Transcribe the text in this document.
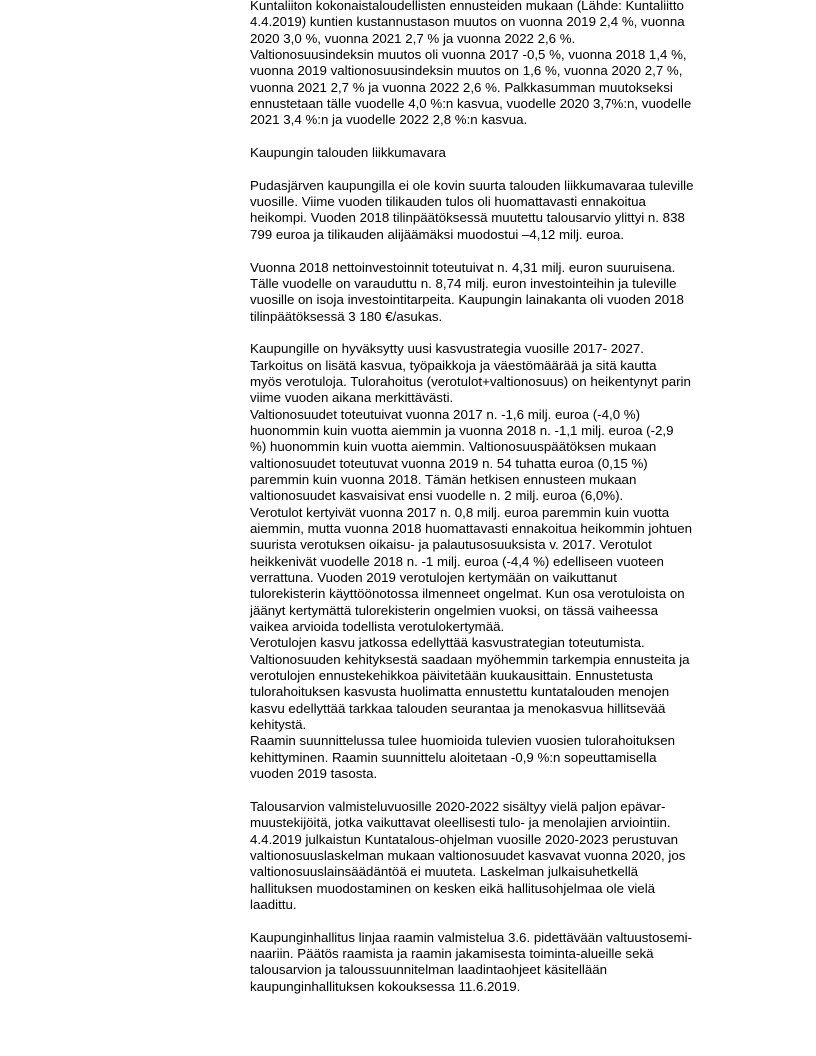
Kuntaliiton kokonaistaloudellisten ennusteiden mukaan (Lähde: Kuntaliitto
4.4.2019) kuntien kustannustason muutos on vuonna 2019 2,4 %, vuonna
2020 3,0 %, vuonna 2021 2,7 % ja vuonna 2022 2,6 %.
Valtionosuusindeksin muutos oli vuonna 2017 -0,5 %, vuonna 2018 1,4 %,
vuonna 2019 valtionosuusindeksin muutos on 1,6 %, vuonna 2020 2,7 %,
vuonna 2021 2,7 % ja vuonna 2022 2,6 %. Palkkasumman muutokseksi
ennustetaan tälle vuodelle 4,0 %:n kasvua, vuodelle 2020 3,7%:n, vuodelle
2021 3,4 %:n ja vuodelle 2022 2,8 %:n kasvua.
Kaupungin talouden liikkumavara
Pudasjärven kaupungilla ei ole kovin suurta talouden liikkumavaraa tuleville
vuosille. Viime vuoden tilikauden tulos oli huomattavasti ennakoitua
heikompi. Vuoden 2018 tilinpäätöksessä muutettu talousarvio ylittyi n. 838
799 euroa ja tilikauden alijäämäksi muodostui –4,12 milj. euroa.
Vuonna 2018 nettoinvestoinnit toteutuivat n. 4,31 milj. euron suuruisena.
Tälle vuodelle on varauduttu n. 8,74 milj. euron investointeihin ja tuleville
vuosille on isoja investointitarpeita. Kaupungin lainakanta oli vuoden 2018
tilinpäätöksessä 3 180 €/asukas.
Kaupungille on hyväksytty uusi kasvustrategia vuosille 2017- 2027.
Tarkoitus on lisätä kasvua, työpaikkoja ja väestömäärää ja sitä kautta
myös verotuloja. Tulorahoitus (verotulot+valtionosuus) on heikentynyt parin
viime vuoden aikana merkittävästi.
Valtionosuudet toteutuivat vuonna 2017 n. -1,6 milj. euroa (-4,0 %)
huonommin kuin vuotta aiemmin ja vuonna 2018 n. -1,1 milj. euroa (-2,9
%) huonommin kuin vuotta aiemmin. Valtionosuuspäätöksen mukaan
valtionosuudet toteutuvat vuonna 2019 n. 54 tuhatta euroa (0,15 %)
paremmin kuin vuonna 2018. Tämän hetkisen ennusteen mukaan
valtionosuudet kasvaisivat ensi vuodelle n. 2 milj. euroa (6,0%).
Verotulot kertyivät vuonna 2017 n. 0,8 milj. euroa paremmin kuin vuotta
aiemmin, mutta vuonna 2018 huomattavasti ennakoitua heikommin johtuen
suurista verotuksen oikaisu- ja palautusosuuksista v. 2017. Verotulot
heikkenivät vuodelle 2018 n. -1 milj. euroa (-4,4 %) edelliseen vuoteen
verrattuna. Vuoden 2019 verotulojen kertymään on vaikuttanut
tulorekisterin käyttöönotossa ilmenneet ongelmat. Kun osa verotuloista on
jäänyt kertymättä tulorekisterin ongelmien vuoksi, on tässä vaiheessa
vaikea arvioida todellista verotulokertymää.
Verotulojen kasvu jatkossa edellyttää kasvustrategian toteutumista.
Valtionosuuden kehityksestä saadaan myöhemmin tarkempia ennusteita ja
verotulojen ennustekehikkoa päivitetään kuukausittain. Ennustetusta
tulorahoituksen kasvusta huolimatta ennustettu kuntatalouden menojen
kasvu edellyttää tarkkaa talouden seurantaa ja menokasvua hillitsevää
kehitystä.
Raamin suunnittelussa tulee huomioida tulevien vuosien tulorahoituksen
kehittyminen. Raamin suunnittelu aloitetaan -0,9 %:n sopeuttamisella
vuoden 2019 tasosta.
Talousarvion valmisteluvuosille 2020-2022 sisältyy vielä paljon epävar-
muustekijöitä, jotka vaikuttavat oleellisesti tulo- ja menolajien arviointiin.
4.4.2019 julkaistun Kuntatalous-ohjelman vuosille 2020-2023 perustuvan
valtionosuuslaskelman mukaan valtionosuudet kasvavat vuonna 2020, jos
valtionosuuslainsäädäntöä ei muuteta. Laskelman julkaisuhetkellä
hallituksen muodostaminen on kesken eikä hallitusohjelmaa ole vielä
laadittu.
Kaupunginhallitus linjaa raamin valmistelua 3.6. pidettävään valtuustosemi-
naariin. Päätös raamista ja raamin jakamisesta toiminta-alueille sekä
talousarvion ja taloussuunnitelman laadintaohjeet käsitellään
kaupunginhallituksen kokouksessa 11.6.2019.
